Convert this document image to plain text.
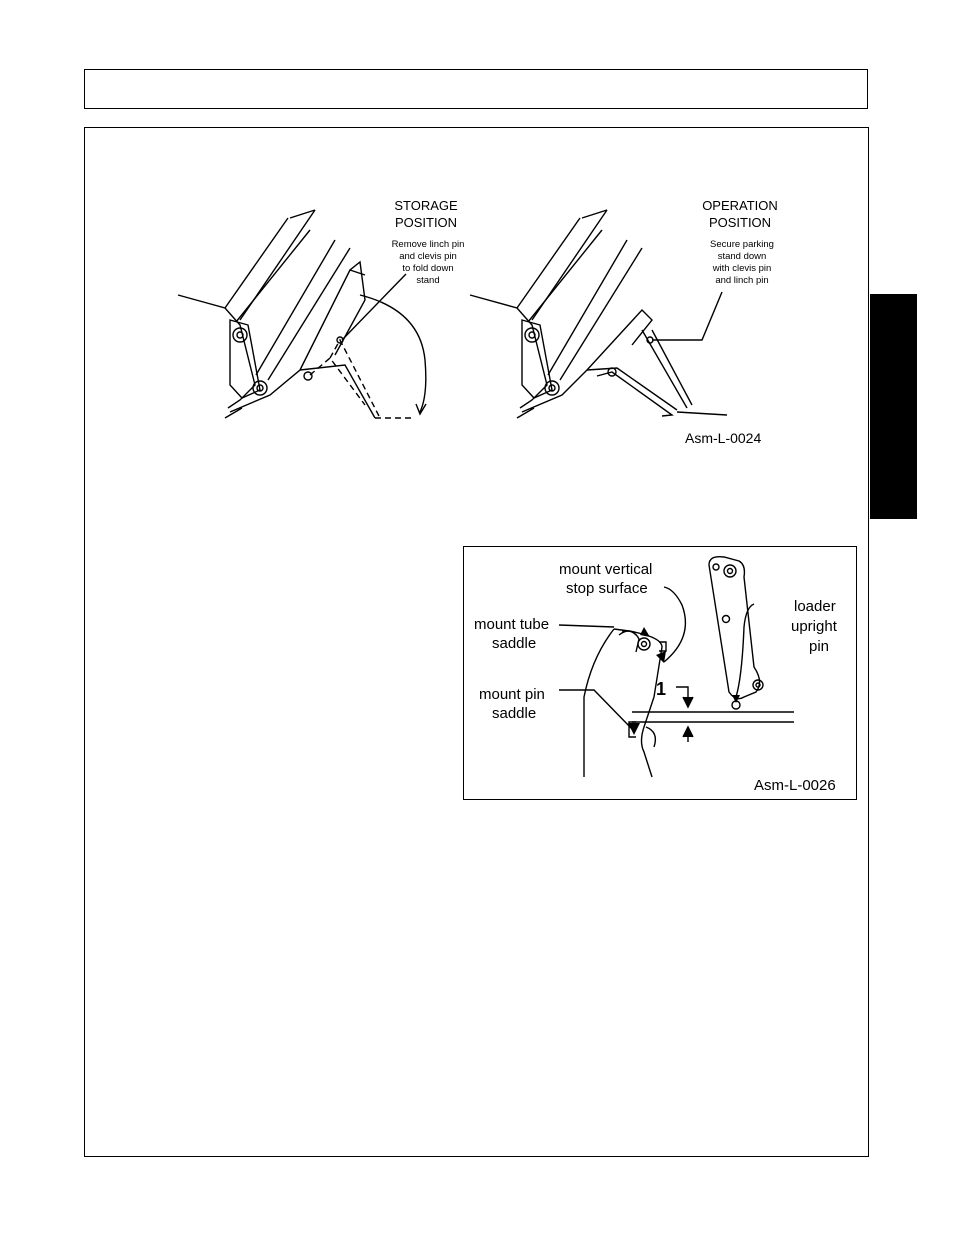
STORAGE
POSITION
Remove linch pin
and clevis pin
to fold down
stand
OPERATION
POSITION
Secure parking
stand down
with clevis pin
and linch pin
Asm-L-0024
mount vertical
stop surface
mount tube
saddle
mount pin
saddle
loader
upright
pin
1
Asm-L-0026
